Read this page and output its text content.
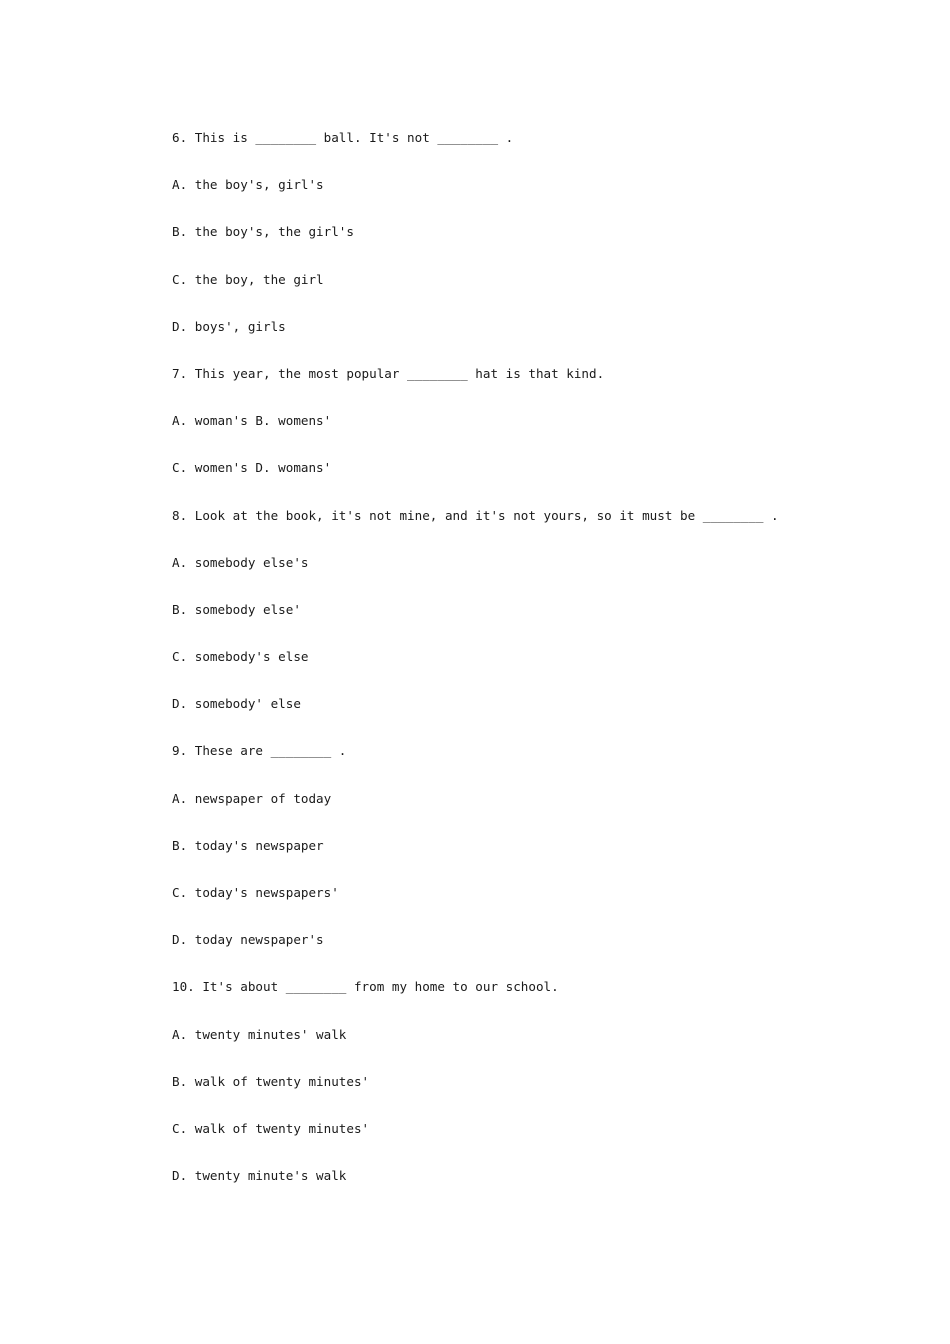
6. This is ________ ball. It's not ________ .
A. the boy's, girl's
B. the boy's, the girl's
C. the boy, the girl
D. boys', girls
7. This year, the most popular ________ hat is that kind.
A. woman's B. womens'
C. women's D. womans'
8. Look at the book, it's not mine, and it's not yours, so it must be ________ .
A. somebody else's
B. somebody else'
C. somebody's else
D. somebody' else
9. These are ________ .
A. newspaper of today
B. today's newspaper
C. today's newspapers'
D. today newspaper's
10. It's about ________ from my home to our school.
A. twenty minutes' walk
B. walk of twenty minutes'
C. walk of twenty minutes'
D. twenty minute's walk
